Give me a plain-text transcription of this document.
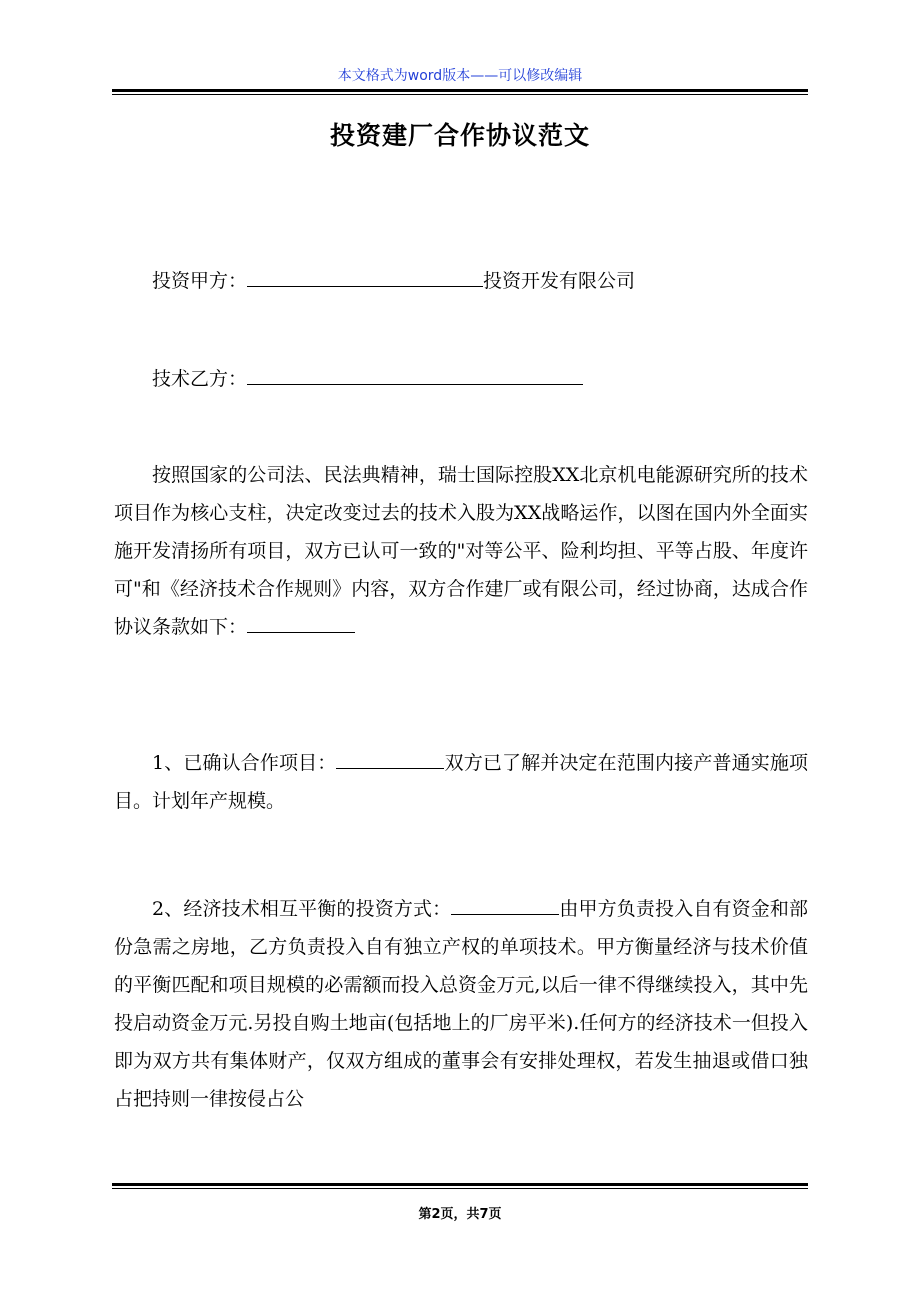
本文格式为word版本——可以修改编辑
投资建厂合作协议范文

投资甲方：	投资开发有限公司

技术乙方：

按照国家的公司法、民法典精神，瑞士国际控股XX北京机电能源研究所的技术项目作为核心支柱，决定改变过去的技术入股为XX战略运作，以图在国内外全面实施开发清扬所有项目，双方已认可一致的"对等公平、险利均担、平等占股、年度许可"和《经济技术合作规则》内容，双方合作建厂或有限公司，经过协商，达成合作协议条款如下：

1、已确认合作项目：	双方已了解并决定在范围内接产普通实施项目。计划年产规模。

2、经济技术相互平衡的投资方式：	由甲方负责投入自有资金和部份急需之房地，乙方负责投入自有独立产权的单项技术。甲方衡量经济与技术价值的平衡匹配和项目规模的必需额而投入总资金万元,以后一律不得继续投入，其中先投启动资金万元.另投自购土地亩(包括地上的厂房平米).任何方的经济技术一但投入即为双方共有集体财产，仅双方组成的董事会有安排处理权，若发生抽退或借口独占把持则一律按侵占公

第2页，共7页
